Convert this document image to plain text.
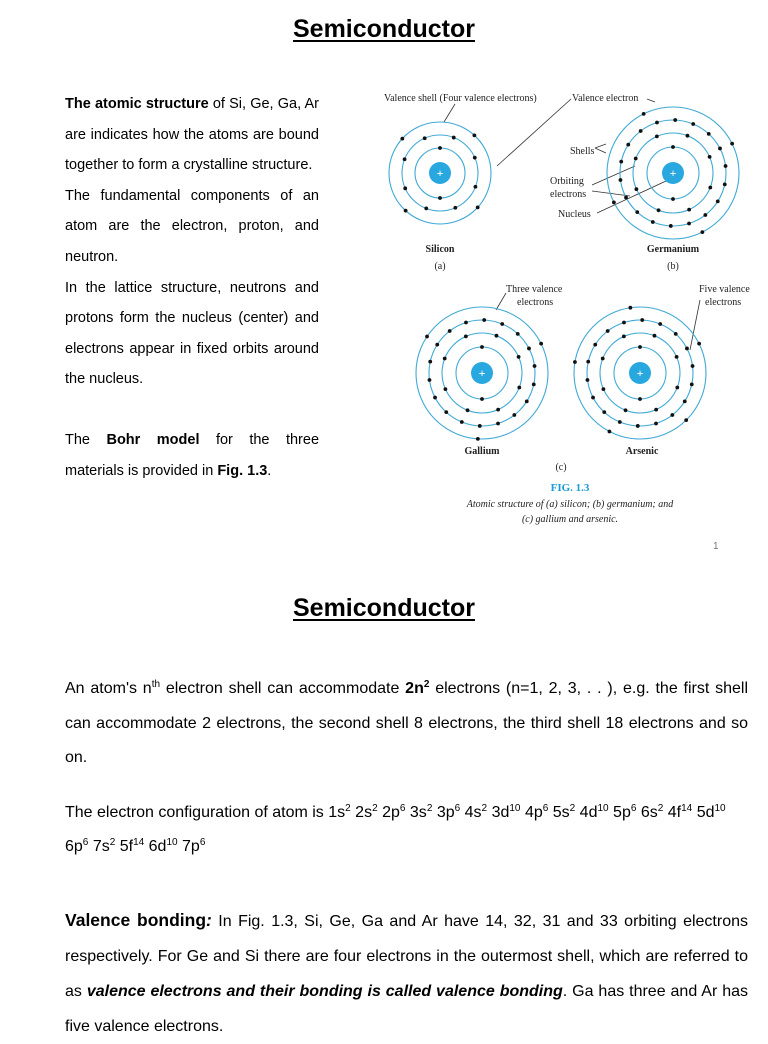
Semiconductor

The atomic structure of Si, Ge, Ga, Ar are indicates how the atoms are bound together to form a crystalline structure.

The fundamental components of an atom are the electron, proton, and neutron.

In the lattice structure, neutrons and protons form the nucleus (center) and electrons appear in fixed orbits around the nucleus.

The Bohr model for the three materials is provided in Fig. 1.3.

Valence shell (Four valence electrons)	Valence electron
Shells
Orbiting
electrons
Nucleus
Three valence
electrons
Five valence
electrons
Silicon
(a)
Germanium
(b)
Gallium	Arsenic
(c)
FIG. 1.3
Atomic structure of (a) silicon; (b) germanium; and
(c) gallium and arsenic.
+	+
+	+
1
Semiconductor

An atom's $n^{th}$ electron shell can accommodate $2n^2$ electrons (n=1, 2, 3, . . ), e.g. the first shell can accommodate 2 electrons, the second shell 8 electrons, the third shell 18 electrons and so on.

The electron configuration of atom is $1s^2$ $2s^2$ $2p^6$ $3s^2$ $3p^6$ $4s^2$ $3d^{10}$ $4p^6$ $5s^2$ $4d^{10}$ $5p^6$ $6s^2$ $4f^{14}$ $5d^{10}$ $6p^6$ $7s^2$ $5f^{14}$ $6d^{10}$ $7p^6$

Valence bonding: In Fig. 1.3, Si, Ge, Ga and Ar have 14, 32, 31 and 33 orbiting electrons respectively. For Ge and Si there are four electrons in the outermost shell, which are referred to as valence electrons and their bonding is called valence bonding. Ga has three and Ar has five valence electrons.
